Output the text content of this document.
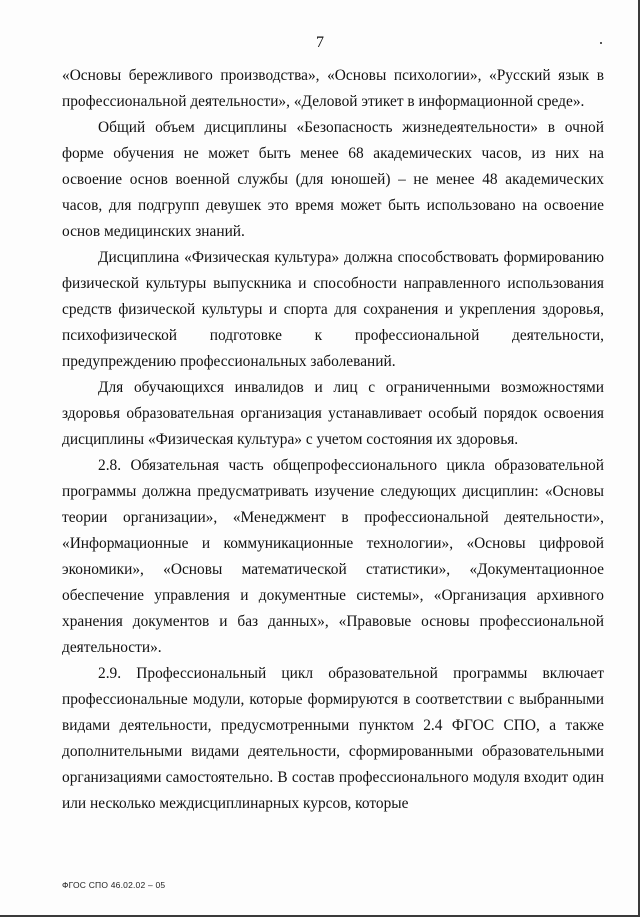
7

«Основы бережливого производства», «Основы психологии», «Русский язык в профессиональной деятельности», «Деловой этикет в информационной среде».

Общий объем дисциплины «Безопасность жизнедеятельности» в очной форме обучения не может быть менее 68 академических часов, из них на освоение основ военной службы (для юношей) – не менее 48 академических часов, для подгрупп девушек это время может быть использовано на освоение основ медицинских знаний.

Дисциплина «Физическая культура» должна способствовать формированию физической культуры выпускника и способности направленного использования средств физической культуры и спорта для сохранения и укрепления здоровья, психофизической подготовке к профессиональной деятельности, предупреждению профессиональных заболеваний.

Для обучающихся инвалидов и лиц с ограниченными возможностями здоровья образовательная организация устанавливает особый порядок освоения дисциплины «Физическая культура» с учетом состояния их здоровья.

2.8. Обязательная часть общепрофессионального цикла образовательной программы должна предусматривать изучение следующих дисциплин: «Основы теории организации», «Менеджмент в профессиональной деятельности», «Информационные и коммуникационные технологии», «Основы цифровой экономики», «Основы математической статистики», «Документационное обеспечение управления и документные системы», «Организация архивного хранения документов и баз данных», «Правовые основы профессиональной деятельности».

2.9. Профессиональный цикл образовательной программы включает профессиональные модули, которые формируются в соответствии с выбранными видами деятельности, предусмотренными пунктом 2.4 ФГОС СПО, а также дополнительными видами деятельности, сформированными образовательными организациями самостоятельно. В состав профессионального модуля входит один или несколько междисциплинарных курсов, которые

ФГОС СПО 46.02.02 – 05
